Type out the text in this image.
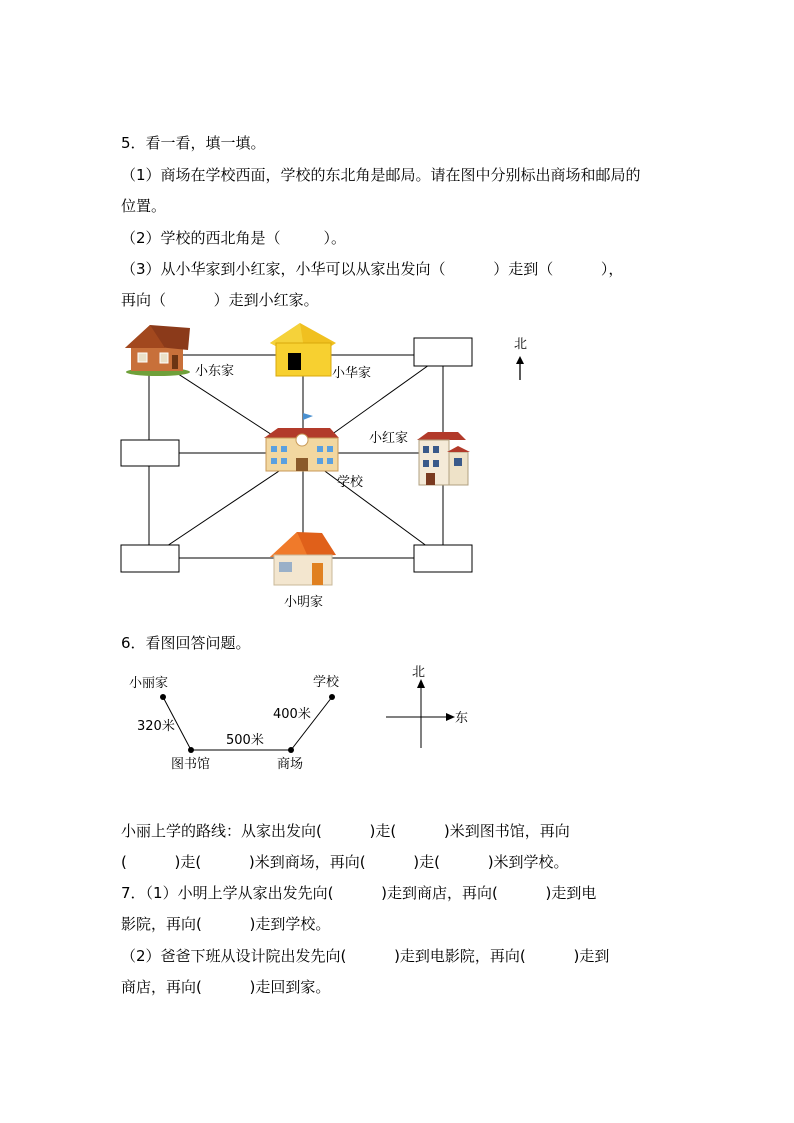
5．看一看，填一填。
（1）商场在学校西面，学校的东北角是邮局。请在图中分别标出商场和邮局的
位置。
（2）学校的西北角是（         ）。
（3）从小华家到小红家，小华可以从家出发向（          ）走到（          ），
再向（          ）走到小红家。
小东家	小华家
小红家
学校
小明家
北
6．看图回答问题。
小丽家	学校
图书馆	商场
320米
500米
400米
北
东
小丽上学的路线：从家出发向(          )走(          )米到图书馆，再向
(          )走(          )米到商场，再向(          )走(          )米到学校。
7．（1）小明上学从家出发先向(          )走到商店，再向(          )走到电
影院，再向(          )走到学校。
（2）爸爸下班从设计院出发先向(          )走到电影院，再向(          )走到
商店，再向(          )走回到家。
